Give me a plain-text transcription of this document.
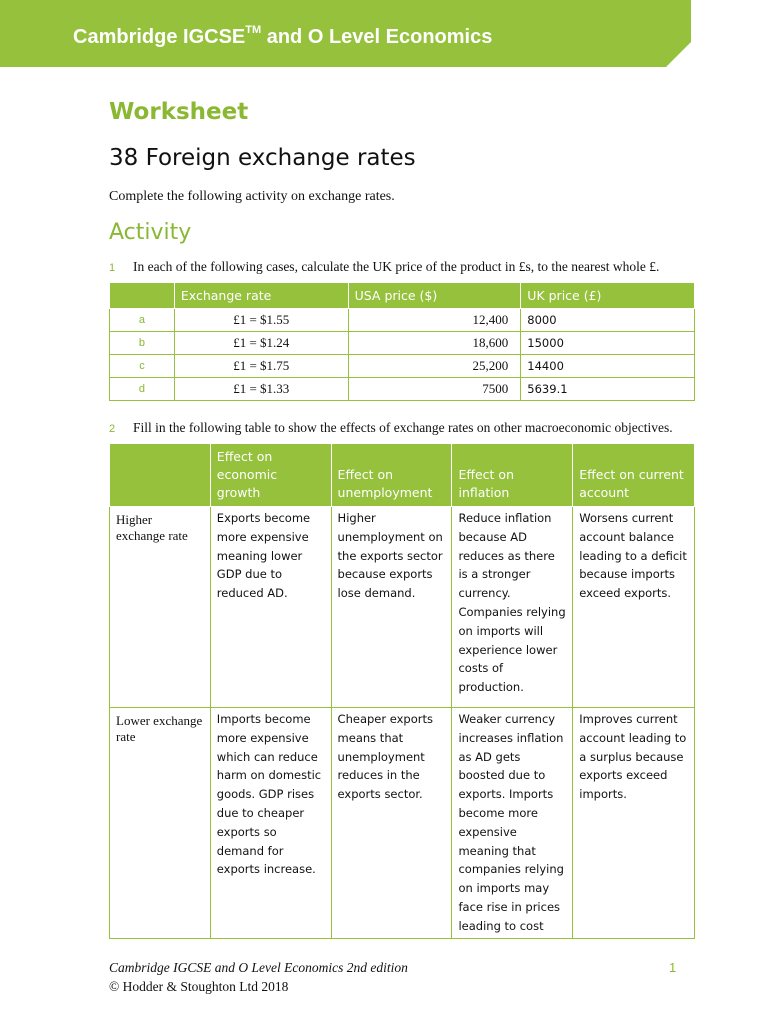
Cambridge IGCSE™ and O Level Economics
Worksheet
38 Foreign exchange rates
Complete the following activity on exchange rates.
Activity
1 In each of the following cases, calculate the UK price of the product in £s, to the nearest whole £.
	Exchange rate	USA price ($)	UK price (£)
a	£1 = $1.55	12,400	8000
b	£1 = $1.24	18,600	15000
c	£1 = $1.75	25,200	14400
d	£1 = $1.33	7500	5639.1
2 Fill in the following table to show the effects of exchange rates on other macroeconomic objectives.
	Effect on economic growth	Effect on unemployment	Effect on inflation	Effect on current account
Higher exchange rate	Exports become more expensive meaning lower GDP due to reduced AD.	Higher unemployment on the exports sector because exports lose demand.	Reduce inflation because AD reduces as there is a stronger currency. Companies relying on imports will experience lower costs of production.	Worsens current account balance leading to a deficit because imports exceed exports.
Lower exchange rate	Imports become more expensive which can reduce harm on domestic goods. GDP rises due to cheaper exports so demand for exports increase.	Cheaper exports means that unemployment reduces in the exports sector.	Weaker currency increases inflation as AD gets boosted due to exports. Imports become more expensive meaning that companies relying on imports may face rise in prices leading to cost	Improves current account leading to a surplus because exports exceed imports.
Cambridge IGCSE and O Level Economics 2nd edition
© Hodder & Stoughton Ltd 2018
1
